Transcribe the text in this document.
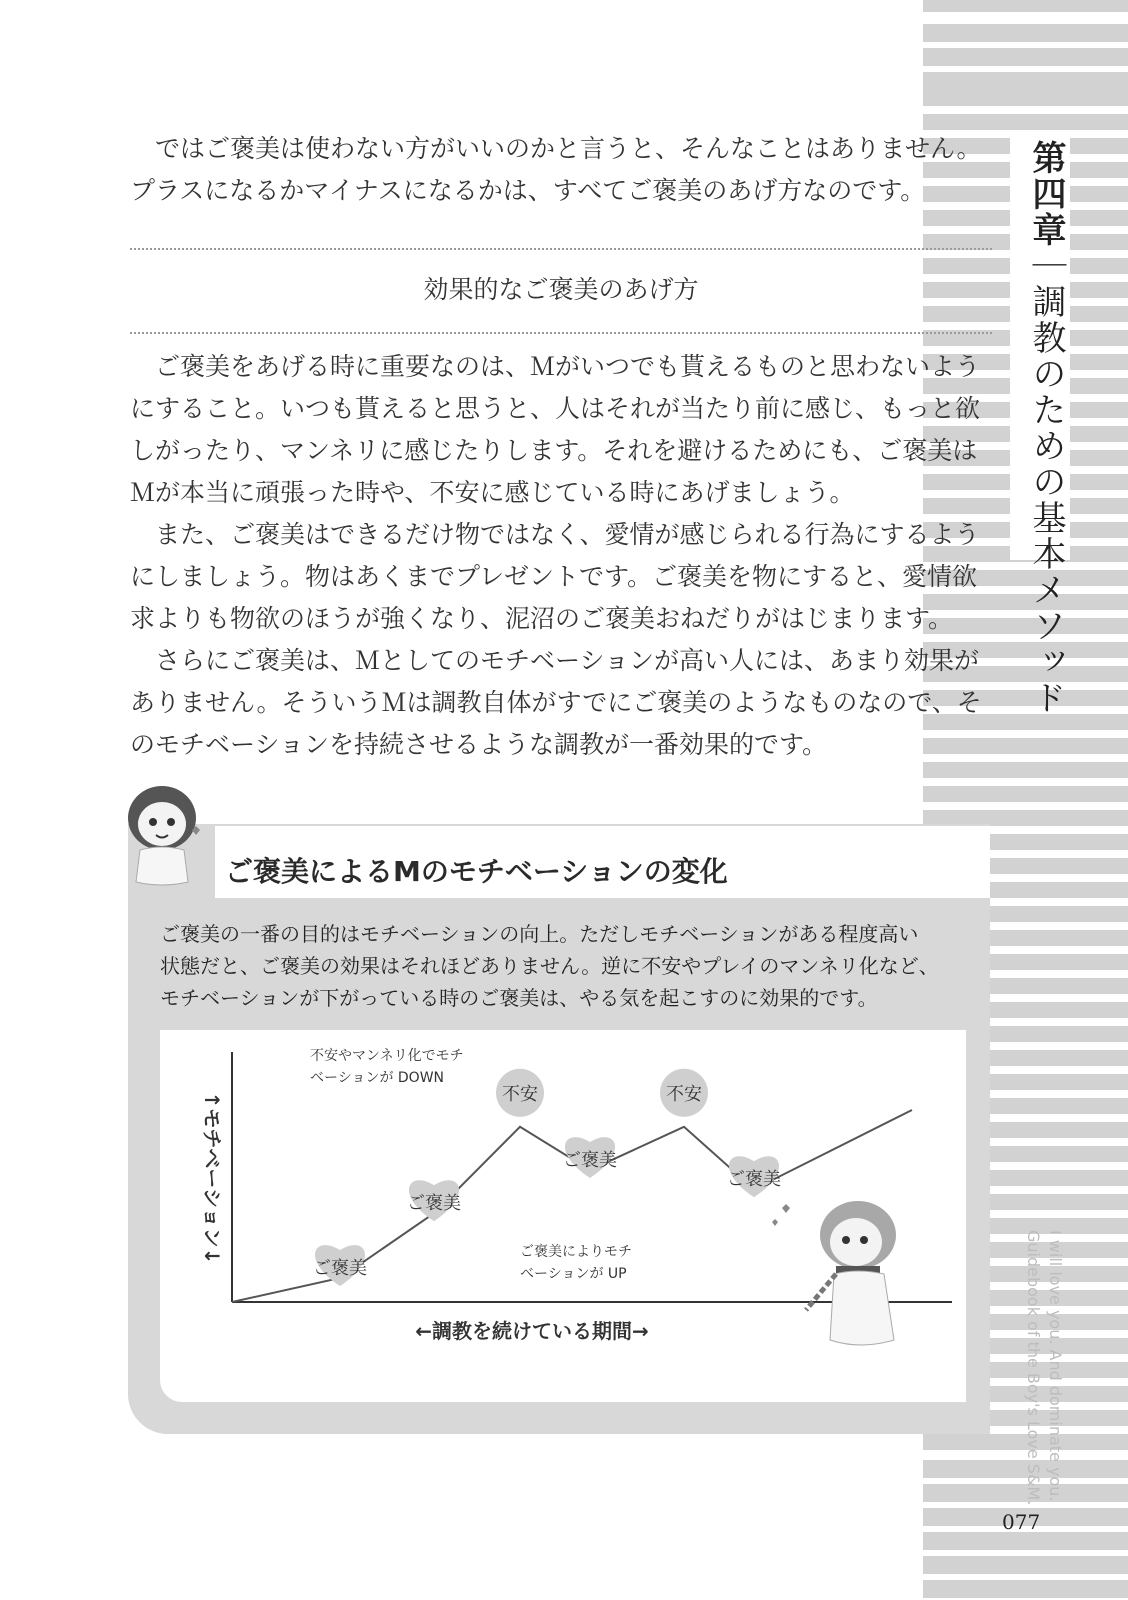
第四章｜調教のための基本メソッド
I will love you. And dominate you.
Guidebook of the Boy's Love S&M.
077
　ではご褒美は使わない方がいいのかと言うと、そんなことはありません。
プラスになるかマイナスになるかは、すべてご褒美のあげ方なのです。
効果的なご褒美のあげ方
　ご褒美をあげる時に重要なのは、Ｍがいつでも貰えるものと思わないよう
にすること。いつも貰えると思うと、人はそれが当たり前に感じ、もっと欲
しがったり、マンネリに感じたりします。それを避けるためにも、ご褒美は
Ｍが本当に頑張った時や、不安に感じている時にあげましょう。
　また、ご褒美はできるだけ物ではなく、愛情が感じられる行為にするよう
にしましょう。物はあくまでプレゼントです。ご褒美を物にすると、愛情欲
求よりも物欲のほうが強くなり、泥沼のご褒美おねだりがはじまります。
　さらにご褒美は、Ｍとしてのモチベーションが高い人には、あまり効果が
ありません。そういうＭは調教自体がすでにご褒美のようなものなので、そ
のモチベーションを持続させるような調教が一番効果的です。
ご褒美によるMのモチベーションの変化
ご褒美の一番の目的はモチベーションの向上。ただしモチベーションがある程度高い
状態だと、ご褒美の効果はそれほどありません。逆に不安やプレイのマンネリ化など、
モチベーションが下がっている時のご褒美は、やる気を起こすのに効果的です。
ご褒美
ご褒美
不安
ご褒美
不安
ご褒美
↑モチベーション↓
←調教を続けている期間→
不安やマンネリ化でモチ
ベーションが DOWN
ご褒美によりモチ
ベーションが UP
